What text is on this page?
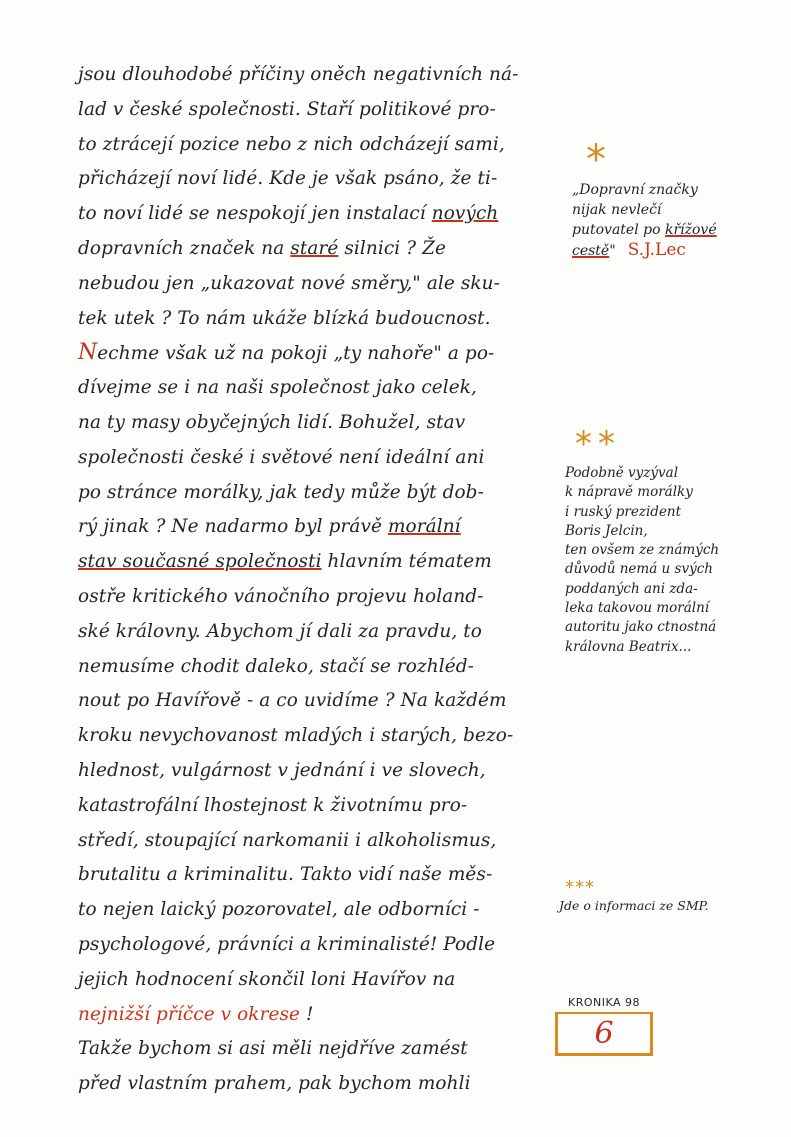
jsou dlouhodobé příčiny oněch negativních ná-
lad v české společnosti. Staří politikové pro-
to ztrácejí pozice nebo z nich odcházejí sami,
přicházejí noví lidé. Kde je však psáno, že ti-
to noví lidé se nespokojí jen instalací nových
dopravních značek na staré silnici ? Že
nebudou jen „ukazovat nové směry," ale sku-
tek utek ? To nám ukáže blízká budoucnost.
Nechme však už na pokoji „ty nahoře" a po-
dívejme se i na naši společnost jako celek,
na ty masy obyčejných lidí. Bohužel, stav
společnosti české i světové není ideální ani
po stránce morálky, jak tedy může být dob-
rý jinak ? Ne nadarmo byl právě morální
stav současné společnosti hlavním tématem
ostře kritického vánočního projevu holand-
ské královny. Abychom jí dali za pravdu, to
nemusíme chodit daleko, stačí se rozhléd-
nout po Havířově - a co uvidíme ? Na každém
kroku nevychovanost mladých i starých, bezo-
hlednost, vulgárnost v jednání i ve slovech,
katastrofální lhostejnost k životnímu pro-
středí, stoupající narkomanii i alkoholismus,
brutalitu a kriminalitu. Takto vidí naše měs-
to nejen laický pozorovatel, ale odborníci -
psychologové, právníci a kriminalisté! Podle
jejich hodnocení skončil loni Havířov na
nejnižší příčce v okrese !
Takže bychom si asi měli nejdříve zamést
před vlastním prahem, pak bychom mohli
*
„Dopravní značky
nijak nevlečí
putovatel po křížové
cestě" S.J.Lec
**
Podobně vyzýval
k nápravě morálky
i ruský prezident
Boris Jelcin,
ten ovšem ze známých
důvodů nemá u svých
poddaných ani zda-
leka takovou morální
autoritu jako ctnostná
královna Beatrix...
***
Jde o informaci ze SMP.
KRONIKA 98
6
